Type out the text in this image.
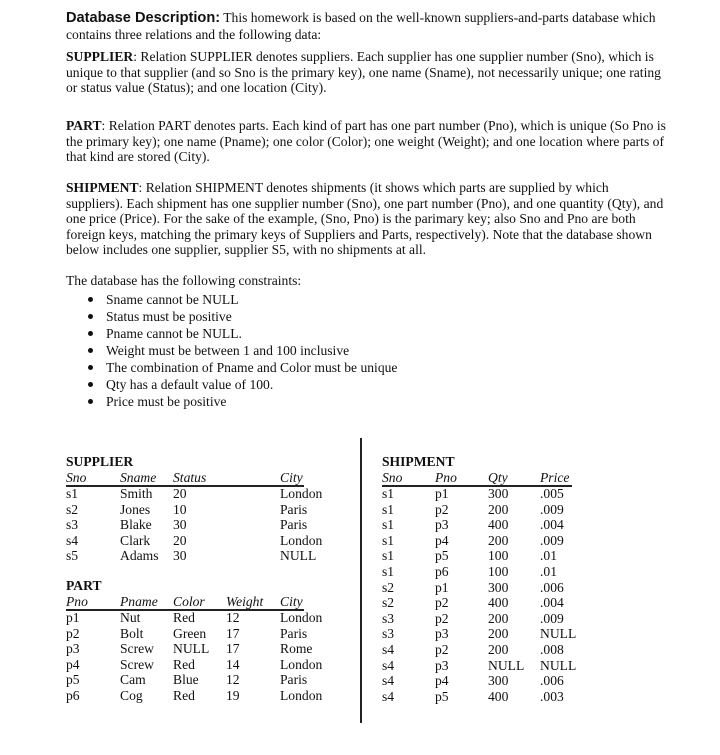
Database Description: This homework is based on the well-known suppliers-and-parts database which contains three relations and the following data:
SUPPLIER: Relation SUPPLIER denotes suppliers. Each supplier has one supplier number (Sno), which is unique to that supplier (and so Sno is the primary key), one name (Sname), not necessarily unique; one rating or status value (Status); and one location (City).
PART: Relation PART denotes parts. Each kind of part has one part number (Pno), which is unique (So Pno is the primary key); one name (Pname); one color (Color); one weight (Weight); and one location where parts of that kind are stored (City).
SHIPMENT: Relation SHIPMENT denotes shipments (it shows which parts are supplied by which suppliers). Each shipment has one supplier number (Sno), one part number (Pno), and one quantity (Qty), and one price (Price). For the sake of the example, (Sno, Pno) is the parimary key; also Sno and Pno are both foreign keys, matching the primary keys of Suppliers and Parts, respectively). Note that the database shown below includes one supplier, supplier S5, with no shipments at all.
The database has the following constraints:
Sname cannot be NULL
Status must be positive
Pname cannot be NULL.
Weight must be between 1 and 100 inclusive
The combination of Pname and Color must be unique
Qty has a default value of 100.
Price must be positive
SUPPLIER
Sno Sname Status	City
s1	Smith 20	London
s2	Jones 10	Paris
s3	Blake 30	Paris
s4	Clark 20	London
s5	Adams 30	NULL
PART
Pno Pname Color Weight City
p1	Nut Red 12	London
p2	Bolt Green 17	Paris
p3	Screw NULL 17	Rome
p4	Screw Red 14	London
p5	Cam Blue 12	Paris
p6	Cog Red 19	London
SHIPMENT
Sno Pno Qty Price
s1	p1	300 .005
s1	p2	200 .009
s1	p3	400 .004
s1	p4	200 .009
s1	p5	100 .01
s1	p6	100 .01
s2	p1	300 .006
s2	p2	400 .004
s3	p2	200 .009
s3	p3	200 NULL
s4	p2	200 .008
s4	p3	NULL NULL
s4	p4	300 .006
s4	p5	400 .003
